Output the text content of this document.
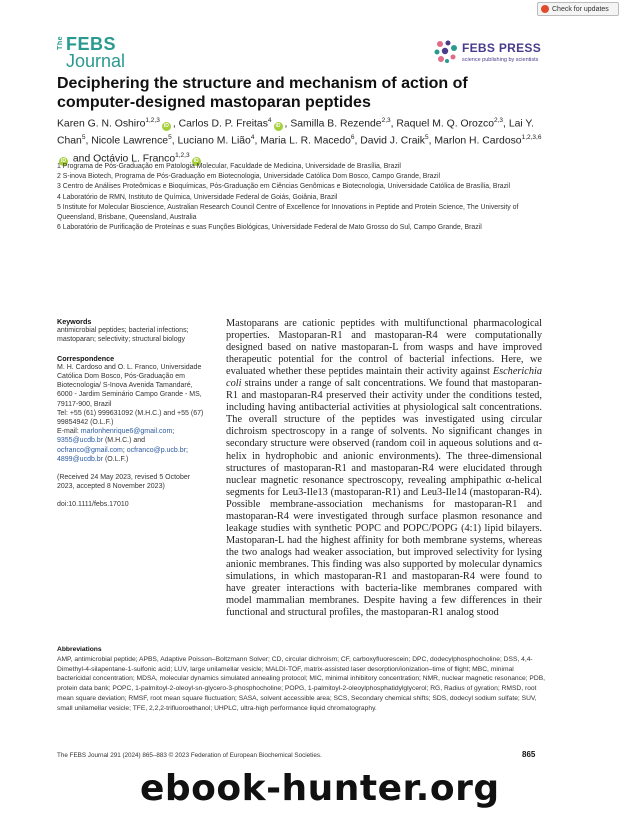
Check for updates
The FEBS
Journal
FEBS PRESS
science publishing by scientists
Deciphering the structure and mechanism of action of computer-designed mastoparan peptides
Karen G. N. Oshiro$^{1,2,3}$iD , Carlos D. P. Freitas$^4$iD , Samilla B. Rezende$^{2,3}$, Raquel M. Q. Orozco$^{2,3}$, Lai Y. Chan$^5$, Nicole Lawrence$^5$, Luciano M. Lião$^4$, Maria L. R. Macedo$^6$, David J. Craik$^5$, Marlon H. Cardoso$^{1,2,3,6}$iD and Octávio L. Franco$^{1,2,3}$iD
1 Programa de Pós-Graduação em Patologia Molecular, Faculdade de Medicina, Universidade de Brasília, Brazil
2 S-inova Biotech, Programa de Pós-Graduação em Biotecnologia, Universidade Católica Dom Bosco, Campo Grande, Brazil
3 Centro de Análises Proteômicas e Bioquímicas, Pós-Graduação em Ciências Genômicas e Biotecnologia, Universidade Católica de Brasília, Brazil
4 Laboratório de RMN, Instituto de Química, Universidade Federal de Goiás, Goiânia, Brazil
5 Institute for Molecular Bioscience, Australian Research Council Centre of Excellence for Innovations in Peptide and Protein Science, The University of Queensland, Brisbane, Queensland, Australia
6 Laboratório de Purificação de Proteínas e suas Funções Biológicas, Universidade Federal de Mato Grosso do Sul, Campo Grande, Brazil
Keywords
antimicrobial peptides; bacterial infections; mastoparan; selectivity; structural biology
Correspondence
M. H. Cardoso and O. L. Franco, Universidade Católica Dom Bosco, Pós-Graduação em Biotecnologia/ S-Inova Avenida Tamandaré, 6000 - Jardim Seminário Campo Grande - MS, 79117-900, Brazil
Tel: +55 (61) 999631092 (M.H.C.) and +55 (67) 99854942 (O.L.F.)
E-mail: marlonhenrique6@gmail.com; 9355@ucdb.br (M.H.C.) and ocfranco@gmail.com; ocfranco@p.ucb.br; 4899@ucdb.br (O.L.F.)
(Received 24 May 2023, revised 5 October 2023, accepted 8 November 2023)
doi:10.1111/febs.17010
Mastoparans are cationic peptides with multifunctional pharmacological properties. Mastoparan-R1 and mastoparan-R4 were computationally designed based on native mastoparan-L from wasps and have improved therapeutic potential for the control of bacterial infections. Here, we evaluated whether these peptides maintain their activity against Escherichia coli strains under a range of salt concentrations. We found that mastoparan-R1 and mastoparan-R4 preserved their activity under the conditions tested, including having antibacterial activities at physiological salt concentrations. The overall structure of the peptides was investigated using circular dichroism spectroscopy in a range of solvents. No significant changes in secondary structure were observed (random coil in aqueous solutions and α-helix in hydrophobic and anionic environments). The three-dimensional structures of mastoparan-R1 and mastoparan-R4 were elucidated through nuclear magnetic resonance spectroscopy, revealing amphipathic α-helical segments for Leu3-Ile13 (mastoparan-R1) and Leu3-Ile14 (mastoparan-R4). Possible membrane-association mechanisms for mastoparan-R1 and mastoparan-R4 were investigated through surface plasmon resonance and leakage studies with synthetic POPC and POPC/POPG (4:1) lipid bilayers. Mastoparan-L had the highest affinity for both membrane systems, whereas the two analogs had weaker association, but improved selectivity for lysing anionic membranes. This finding was also supported by molecular dynamics simulations, in which mastoparan-R1 and mastoparan-R4 were found to have greater interactions with bacteria-like membranes compared with model mammalian membranes. Despite having a few differences in their functional and structural profiles, the mastoparan-R1 analog stood
Abbreviations
AMP, antimicrobial peptide; APBS, Adaptive Poisson–Boltzmann Solver; CD, circular dichroism; CF, carboxyfluorescein; DPC, dodecylphosphocholine; DSS, 4,4-Dimethyl-4-silapentane-1-sulfonic acid; LUV, large unilamellar vesicle; MALDI-TOF, matrix-assisted laser desorption/ionization–time of flight; MBC, minimal bactericidal concentration; MDSA, molecular dynamics simulated annealing protocol; MIC, minimal inhibitory concentration; NMR, nuclear magnetic resonance; PDB, protein data bank; POPC, 1-palmitoyl-2-oleoyl-sn-glycero-3-phosphocholine; POPG, 1-palmitoyl-2-oleoylphosphatidylglycerol; RG, Radius of gyration; RMSD, root mean square deviation; RMSF, root mean square fluctuation; SASA, solvent accessible area; SCS, Secondary chemical shifts; SDS, dodecyl sodium sulfate; SUV, small unilamellar vesicle; TFE, 2,2,2-trifluoroethanol; UHPLC, ultra-high performance liquid chromatography.
The FEBS Journal 291 (2024) 865–883 © 2023 Federation of European Biochemical Societies.	865
ebook-hunter.org
